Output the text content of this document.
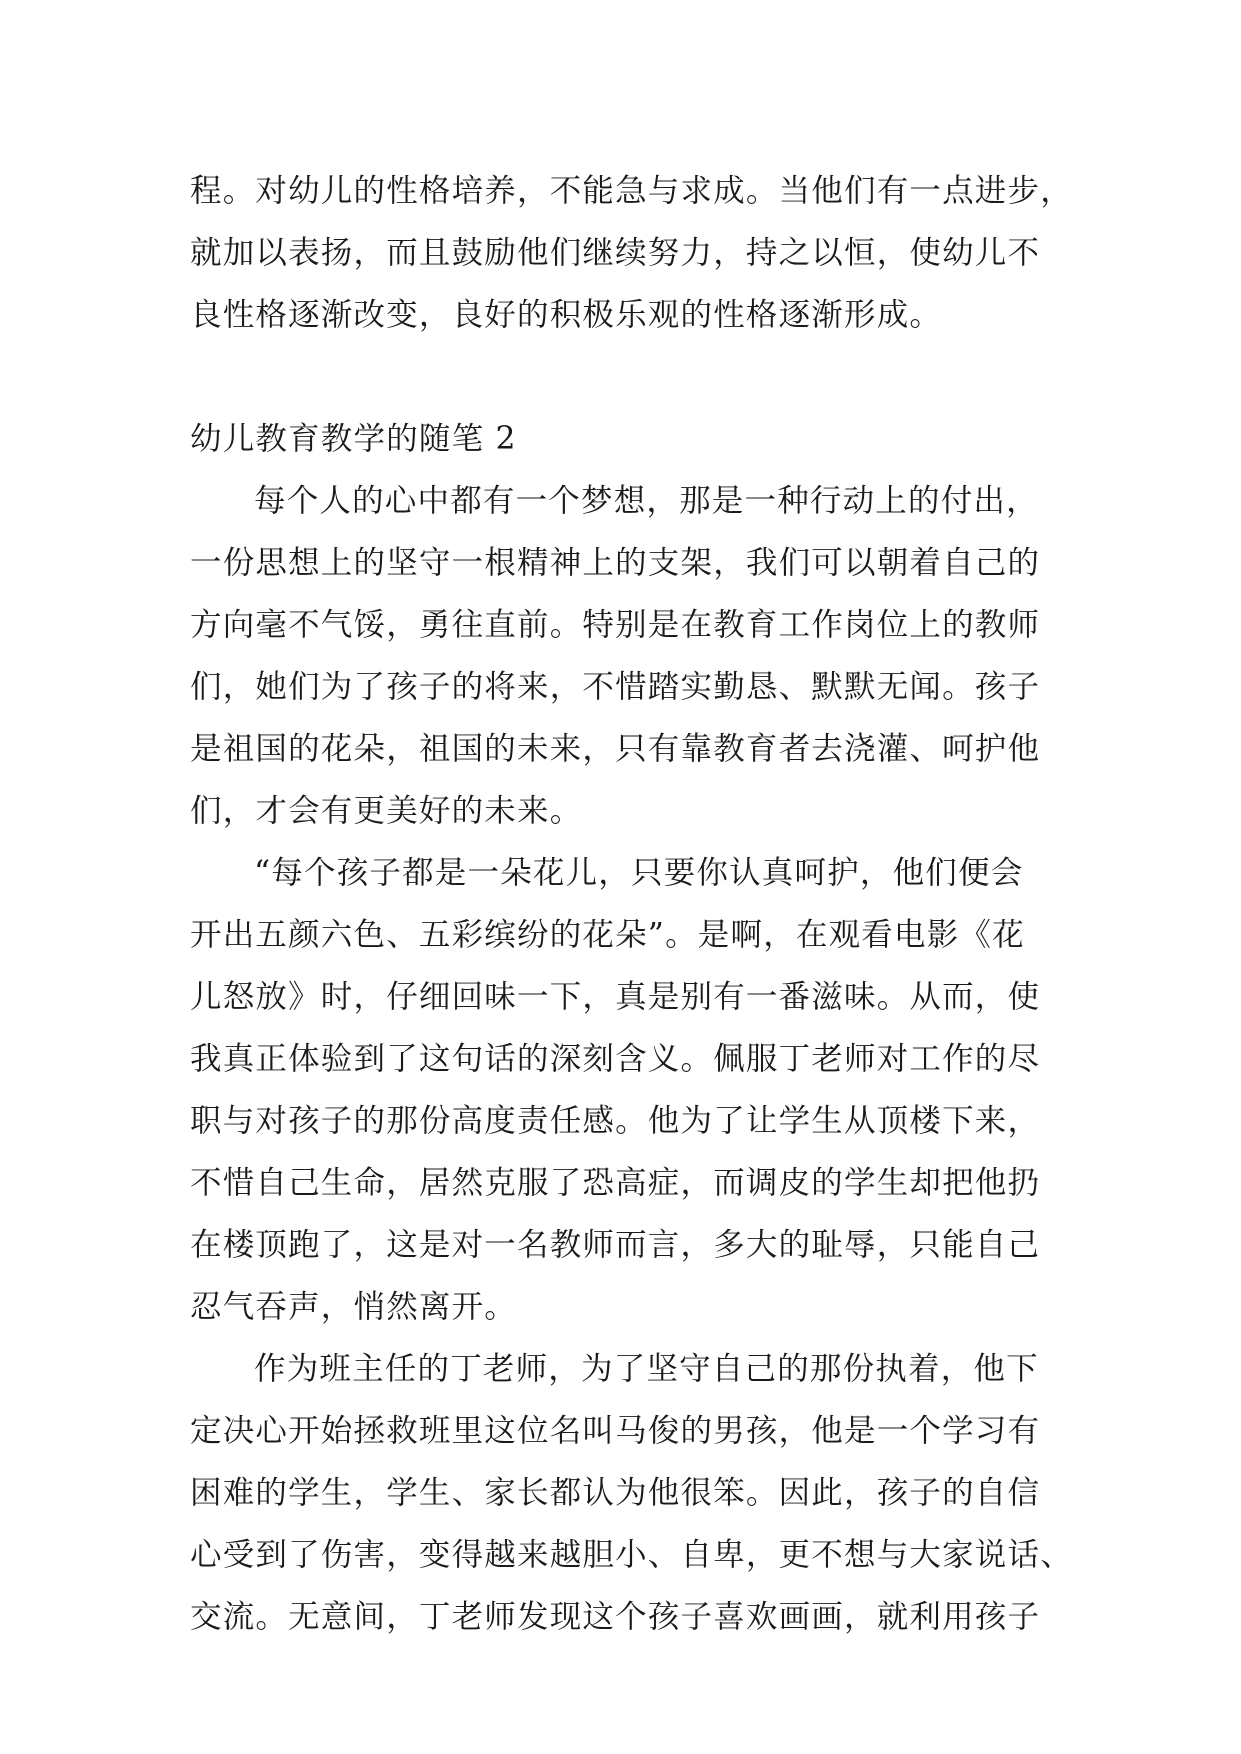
程。对幼儿的性格培养，不能急与求成。当他们有一点进步，
就加以表扬，而且鼓励他们继续努力，持之以恒，使幼儿不
良性格逐渐改变，良好的积极乐观的性格逐渐形成。
幼儿教育教学的随笔 2
每个人的心中都有一个梦想，那是一种行动上的付出，
一份思想上的坚守一根精神上的支架，我们可以朝着自己的
方向毫不气馁，勇往直前。特别是在教育工作岗位上的教师
们，她们为了孩子的将来，不惜踏实勤恳、默默无闻。孩子
是祖国的花朵，祖国的未来，只有靠教育者去浇灌、呵护他
们，才会有更美好的未来。
“每个孩子都是一朵花儿，只要你认真呵护，他们便会
开出五颜六色、五彩缤纷的花朵”。是啊，在观看电影《花
儿怒放》时，仔细回味一下，真是别有一番滋味。从而，使
我真正体验到了这句话的深刻含义。佩服丁老师对工作的尽
职与对孩子的那份高度责任感。他为了让学生从顶楼下来，
不惜自己生命，居然克服了恐高症，而调皮的学生却把他扔
在楼顶跑了，这是对一名教师而言，多大的耻辱，只能自己
忍气吞声，悄然离开。
作为班主任的丁老师，为了坚守自己的那份执着，他下
定决心开始拯救班里这位名叫马俊的男孩，他是一个学习有
困难的学生，学生、家长都认为他很笨。因此，孩子的自信
心受到了伤害，变得越来越胆小、自卑，更不想与大家说话、
交流。无意间，丁老师发现这个孩子喜欢画画，就利用孩子
